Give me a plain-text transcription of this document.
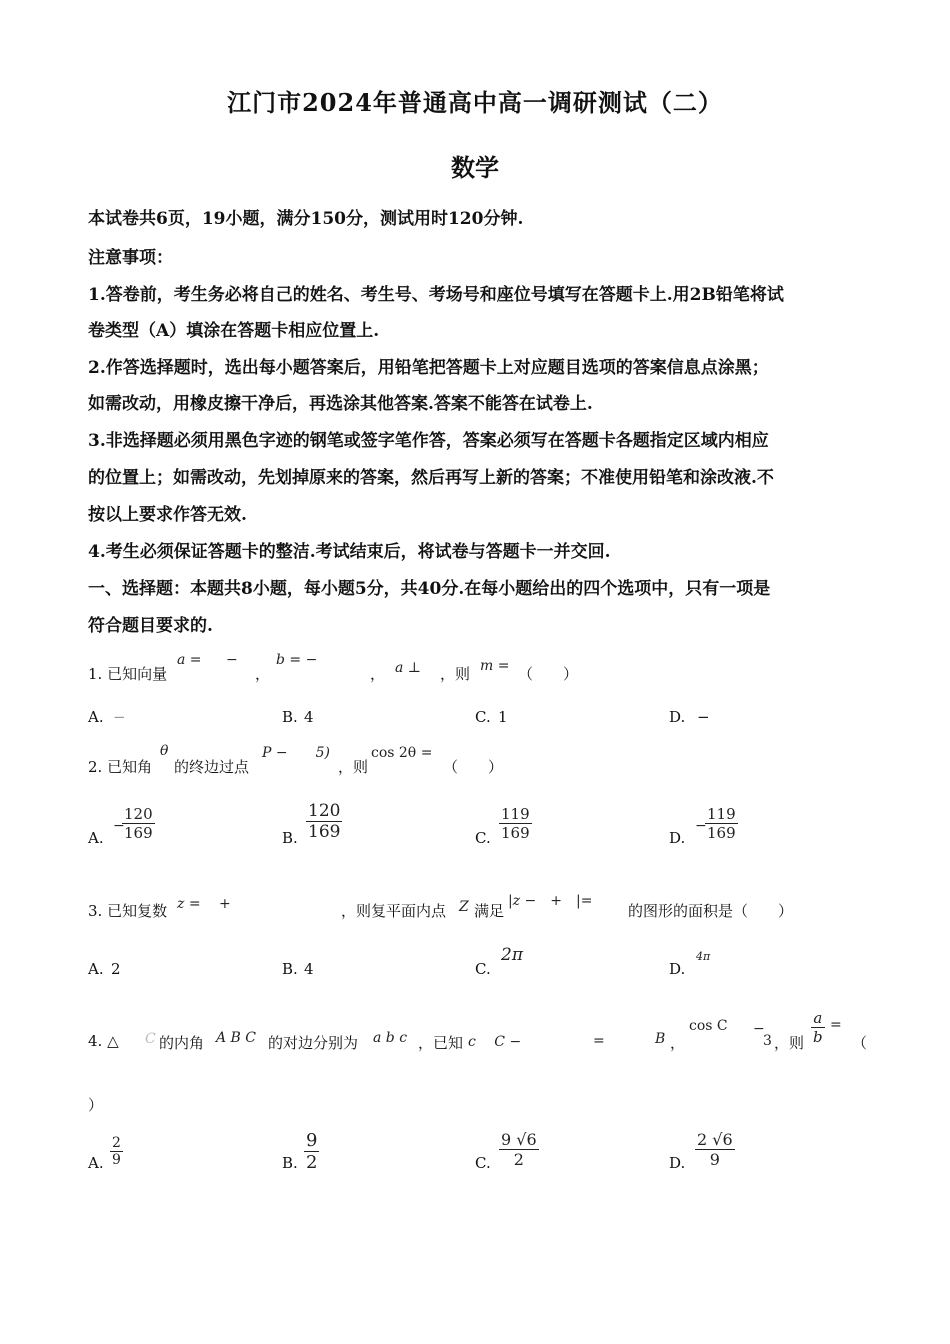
江门市2024年普通高中高一调研测试（二）
数学
本试卷共6页，19小题，满分150分，测试用时120分钟.
注意事项：
1.答卷前，考生务必将自己的姓名、考生号、考场号和座位号填写在答题卡上.用2B铅笔将试
卷类型（A）填涂在答题卡相应位置上.
2.作答选择题时，选出每小题答案后，用铅笔把答题卡上对应题目选项的答案信息点涂黑；
如需改动，用橡皮擦干净后，再选涂其他答案.答案不能答在试卷上.
3.非选择题必须用黑色字迹的钢笔或签字笔作答，答案必须写在答题卡各题指定区域内相应
的位置上；如需改动，先划掉原来的答案，然后再写上新的答案；不准使用铅笔和涂改液.不
按以上要求作答无效.
4.考生必须保证答题卡的整洁.考试结束后，将试卷与答题卡一并交回.
一、选择题：本题共8小题，每小题5分，共40分.在每小题给出的四个选项中，只有一项是
符合题目要求的.
1. 已知向量
a = −
，
b = −
， a ⊥ ，则 m = （　　）
A. −	B. 4	C. 1	D. −
2. 已知角
θ
的终边过点
P −　　5)
，则
cos 2θ =
（　　）
A.
−
120
169	B.
120
169	C.
119
169	D.
−
119
169
3. 已知复数 z =　 +	，则复平面内点 Z 满足
|z −　+　|=
的图形的面积是（　　）
A. 2	B. 4	C.
2π
D.
4π
4. △ C 的内角 A B C 的对边分别为 a b c ，已知 c　 C −	=	B ，
cos C −
3 ，则
a
b
=
（
）
A.
2
9	B.
9
2	C.
9 √6
2	D.
2 √6
9
